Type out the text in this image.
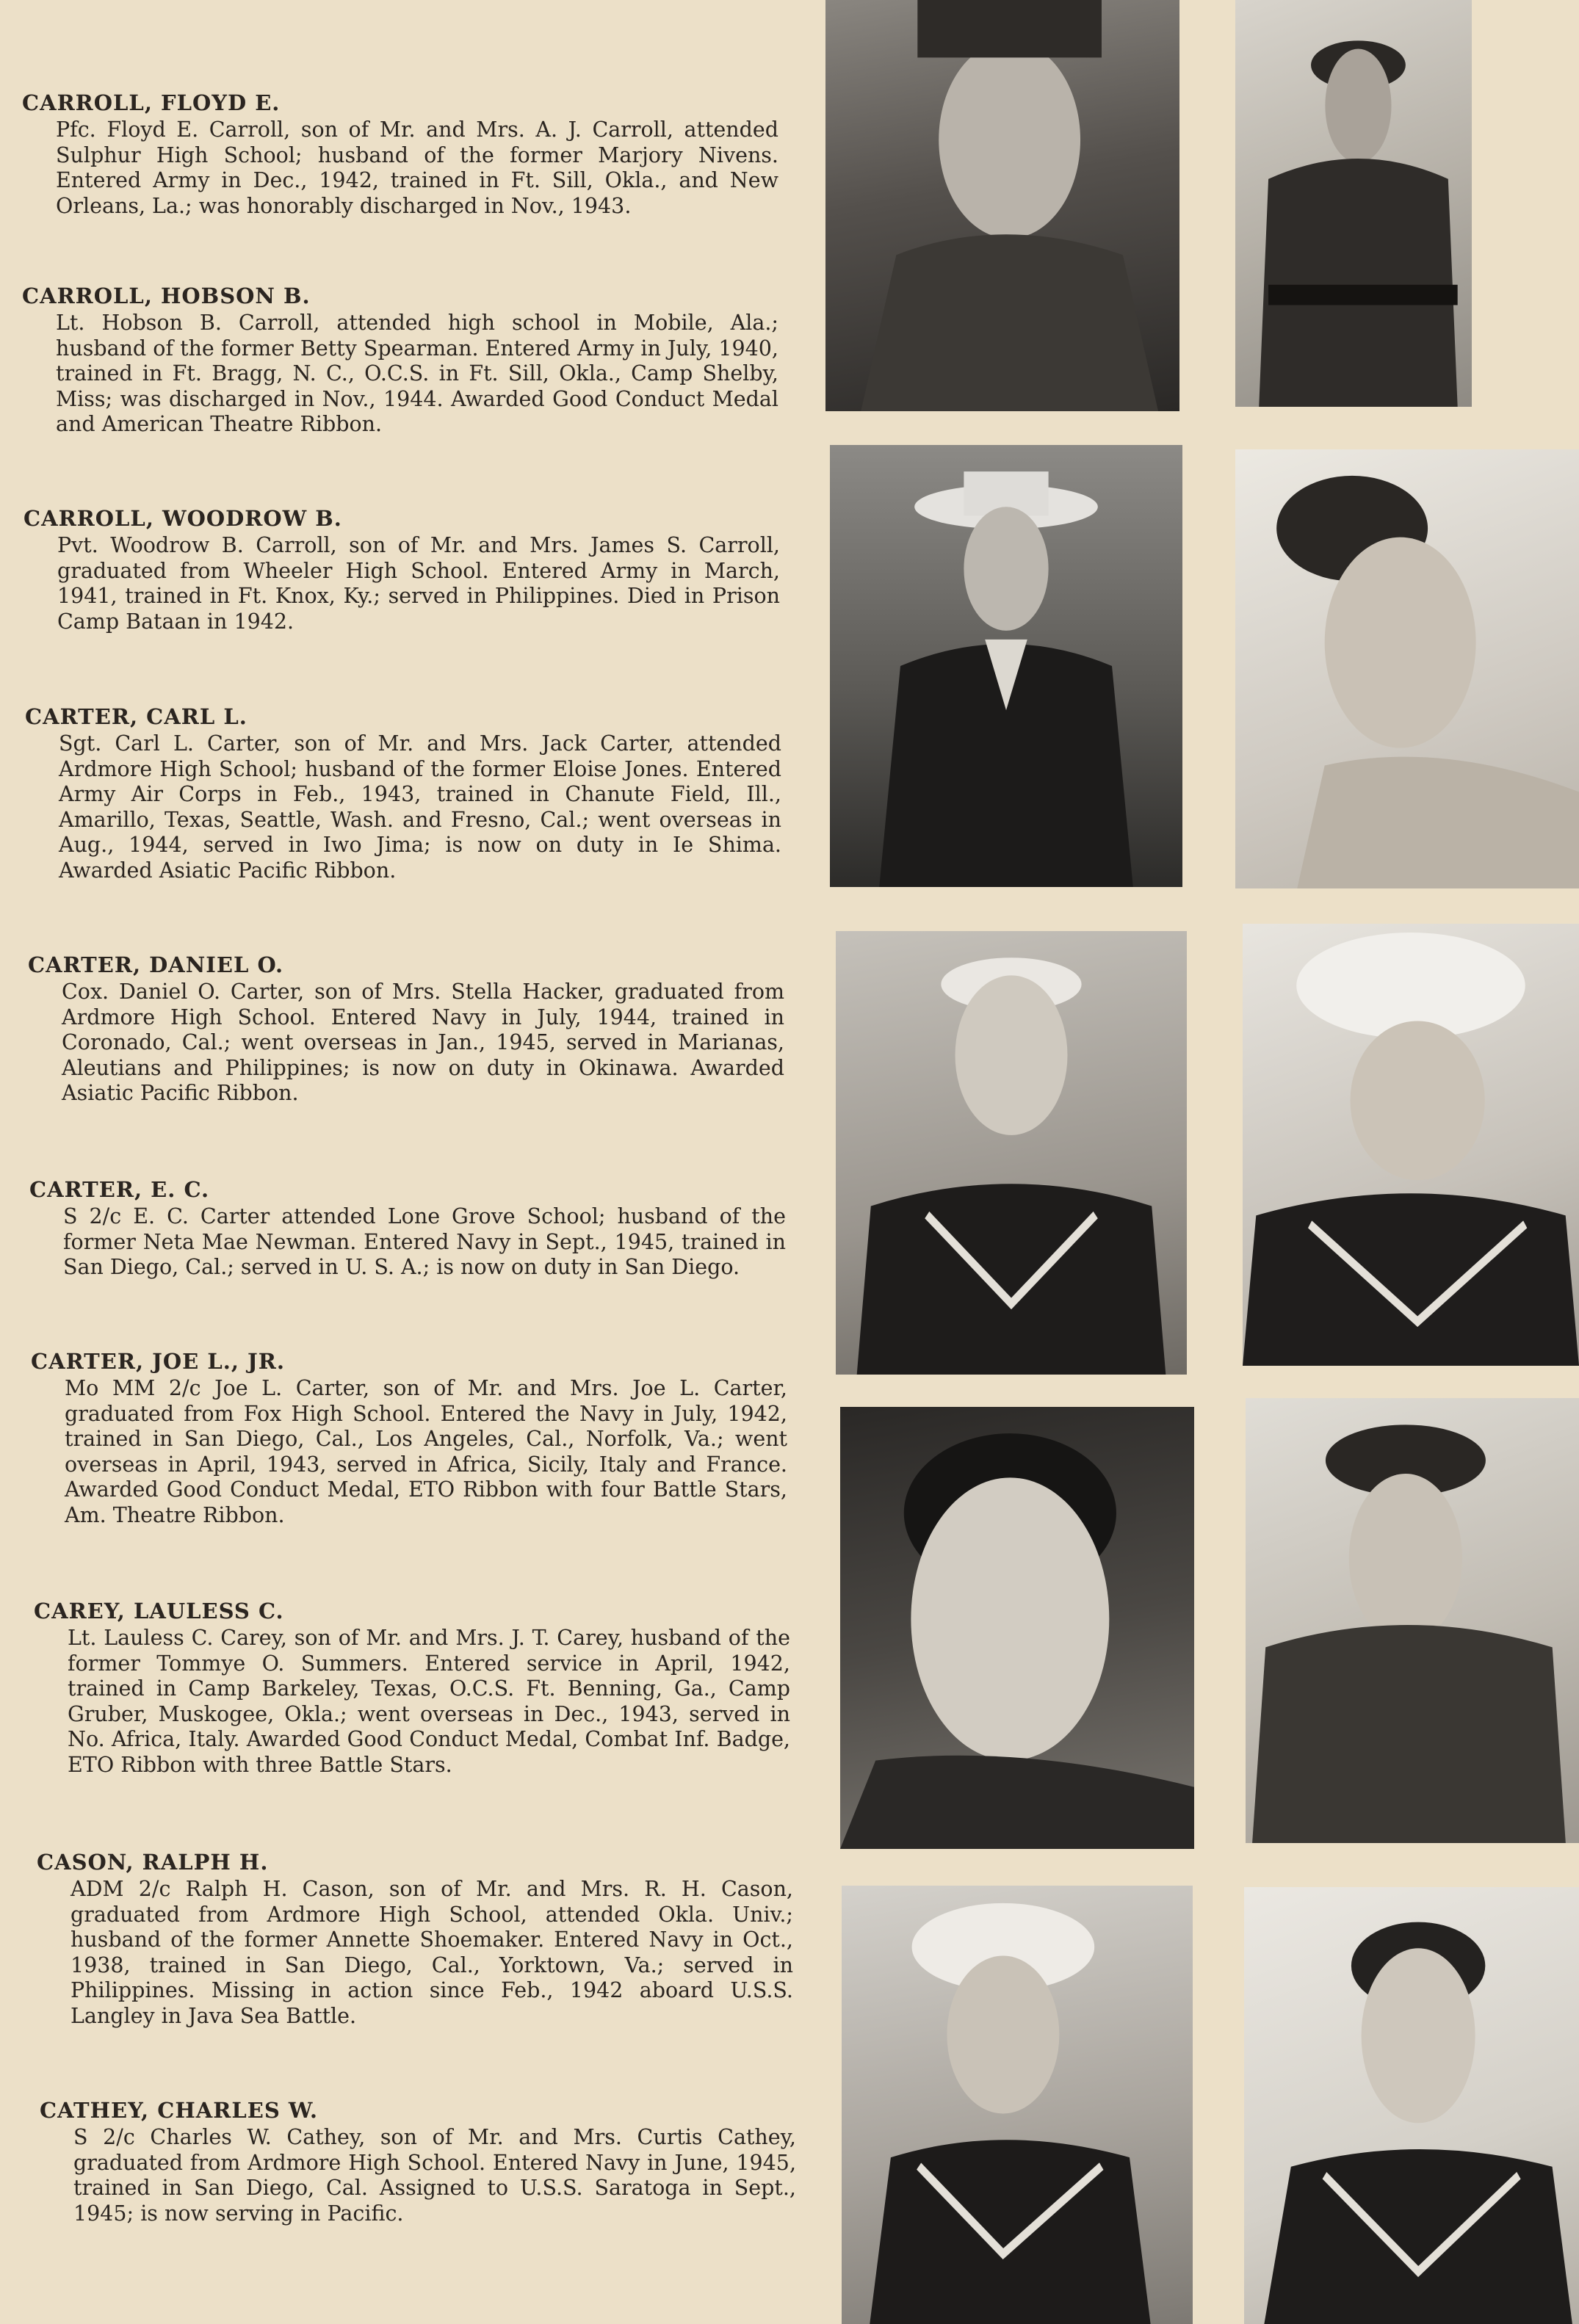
CARROLL, FLOYD E.

Pfc. Floyd E. Carroll, son of Mr. and Mrs. A. J. Carroll, attended Sulphur High School; husband of the former Marjory Nivens. Entered Army in Dec., 1942, trained in Ft. Sill, Okla., and New Orleans, La.; was honorably discharged in Nov., 1943.

CARROLL, HOBSON B.

Lt. Hobson B. Carroll, attended high school in Mobile, Ala.; husband of the former Betty Spearman. Entered Army in July, 1940, trained in Ft. Bragg, N. C., O.C.S. in Ft. Sill, Okla., Camp Shelby, Miss; was discharged in Nov., 1944. Awarded Good Conduct Medal and American Theatre Ribbon.

CARROLL, WOODROW B.

Pvt. Woodrow B. Carroll, son of Mr. and Mrs. James S. Carroll, graduated from Wheeler High School. Entered Army in March, 1941, trained in Ft. Knox, Ky.; served in Philippines. Died in Prison Camp Bataan in 1942.

CARTER, CARL L.

Sgt. Carl L. Carter, son of Mr. and Mrs. Jack Carter, attended Ardmore High School; husband of the former Eloise Jones. Entered Army Air Corps in Feb., 1943, trained in Chanute Field, Ill., Amarillo, Texas, Seattle, Wash. and Fresno, Cal.; went overseas in Aug., 1944, served in Iwo Jima; is now on duty in Ie Shima. Awarded Asiatic Pacific Ribbon.

CARTER, DANIEL O.

Cox. Daniel O. Carter, son of Mrs. Stella Hacker, graduated from Ardmore High School. Entered Navy in July, 1944, trained in Coronado, Cal.; went overseas in Jan., 1945, served in Marianas, Aleutians and Philippines; is now on duty in Okinawa. Awarded Asiatic Pacific Ribbon.

CARTER, E. C.

S 2/c E. C. Carter attended Lone Grove School; husband of the former Neta Mae Newman. Entered Navy in Sept., 1945, trained in San Diego, Cal.; served in U. S. A.; is now on duty in San Diego.

CARTER, JOE L., JR.

Mo MM 2/c Joe L. Carter, son of Mr. and Mrs. Joe L. Carter, graduated from Fox High School. Entered the Navy in July, 1942, trained in San Diego, Cal., Los Angeles, Cal., Norfolk, Va.; went overseas in April, 1943, served in Africa, Sicily, Italy and France. Awarded Good Conduct Medal, ETO Ribbon with four Battle Stars, Am. Theatre Ribbon.

CAREY, LAULESS C.

Lt. Lauless C. Carey, son of Mr. and Mrs. J. T. Carey, husband of the former Tommye O. Summers. Entered service in April, 1942, trained in Camp Barkeley, Texas, O.C.S. Ft. Benning, Ga., Camp Gruber, Muskogee, Okla.; went overseas in Dec., 1943, served in No. Africa, Italy. Awarded Good Conduct Medal, Combat Inf. Badge, ETO Ribbon with three Battle Stars.

CASON, RALPH H.

ADM 2/c Ralph H. Cason, son of Mr. and Mrs. R. H. Cason, graduated from Ardmore High School, attended Okla. Univ.; husband of the former Annette Shoemaker. Entered Navy in Oct., 1938, trained in San Diego, Cal., Yorktown, Va.; served in Philippines. Missing in action since Feb., 1942 aboard U.S.S. Langley in Java Sea Battle.

CATHEY, CHARLES W.

S 2/c Charles W. Cathey, son of Mr. and Mrs. Curtis Cathey, graduated from Ardmore High School. Entered Navy in June, 1945, trained in San Diego, Cal. Assigned to U.S.S. Saratoga in Sept., 1945; is now serving in Pacific.
